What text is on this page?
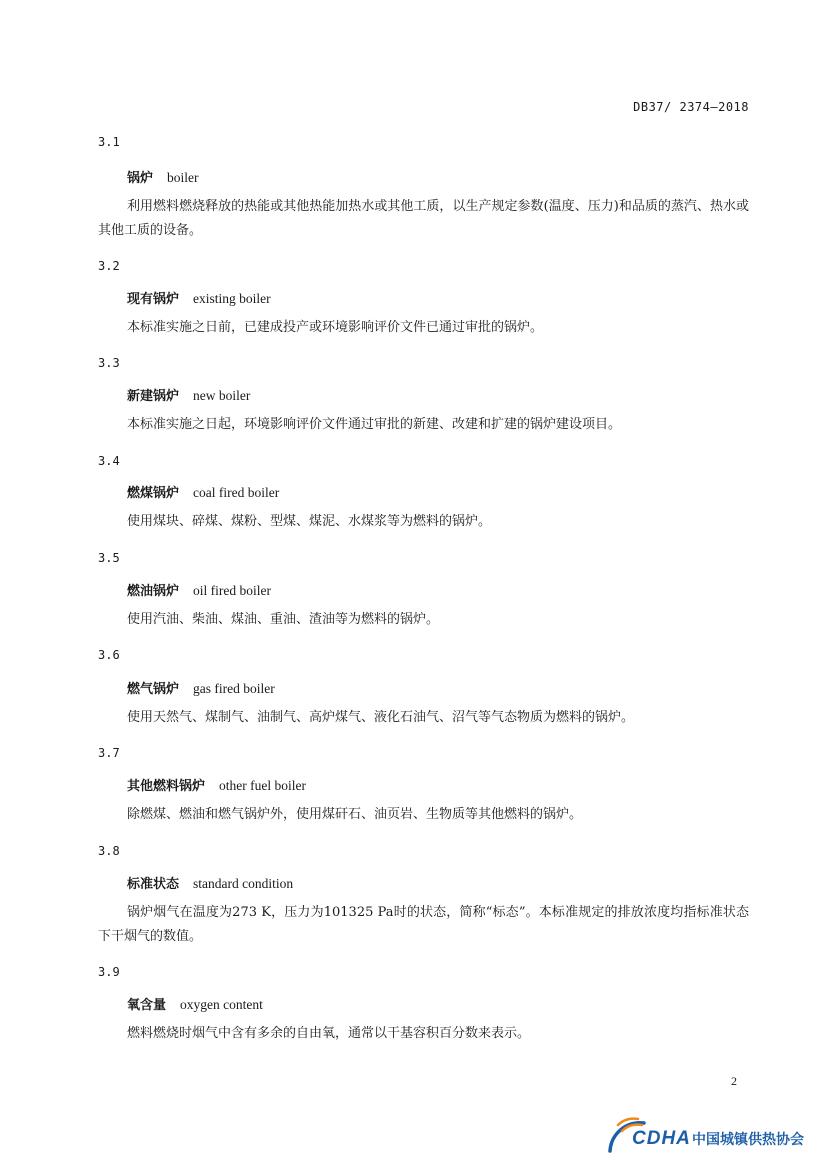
DB37/ 2374—2018
3.1
锅炉 boiler
利用燃料燃烧释放的热能或其他热能加热水或其他工质，以生产规定参数(温度、压力)和品质的蒸汽、热水或其他工质的设备。
3.2
现有锅炉 existing boiler
本标准实施之日前，已建成投产或环境影响评价文件已通过审批的锅炉。
3.3
新建锅炉 new boiler
本标准实施之日起，环境影响评价文件通过审批的新建、改建和扩建的锅炉建设项目。
3.4
燃煤锅炉 coal fired boiler
使用煤块、碎煤、煤粉、型煤、煤泥、水煤浆等为燃料的锅炉。
3.5
燃油锅炉 oil fired boiler
使用汽油、柴油、煤油、重油、渣油等为燃料的锅炉。
3.6
燃气锅炉 gas fired boiler
使用天然气、煤制气、油制气、高炉煤气、液化石油气、沼气等气态物质为燃料的锅炉。
3.7
其他燃料锅炉 other fuel boiler
除燃煤、燃油和燃气锅炉外，使用煤矸石、油页岩、生物质等其他燃料的锅炉。
3.8
标准状态 standard condition
锅炉烟气在温度为273 K，压力为101325 Pa时的状态，简称“标态”。本标准规定的排放浓度均指标准状态下干烟气的数值。
3.9
氧含量 oxygen content
燃料燃烧时烟气中含有多余的自由氧，通常以干基容积百分数来表示。
2
CDHA 中国城镇供热协会
